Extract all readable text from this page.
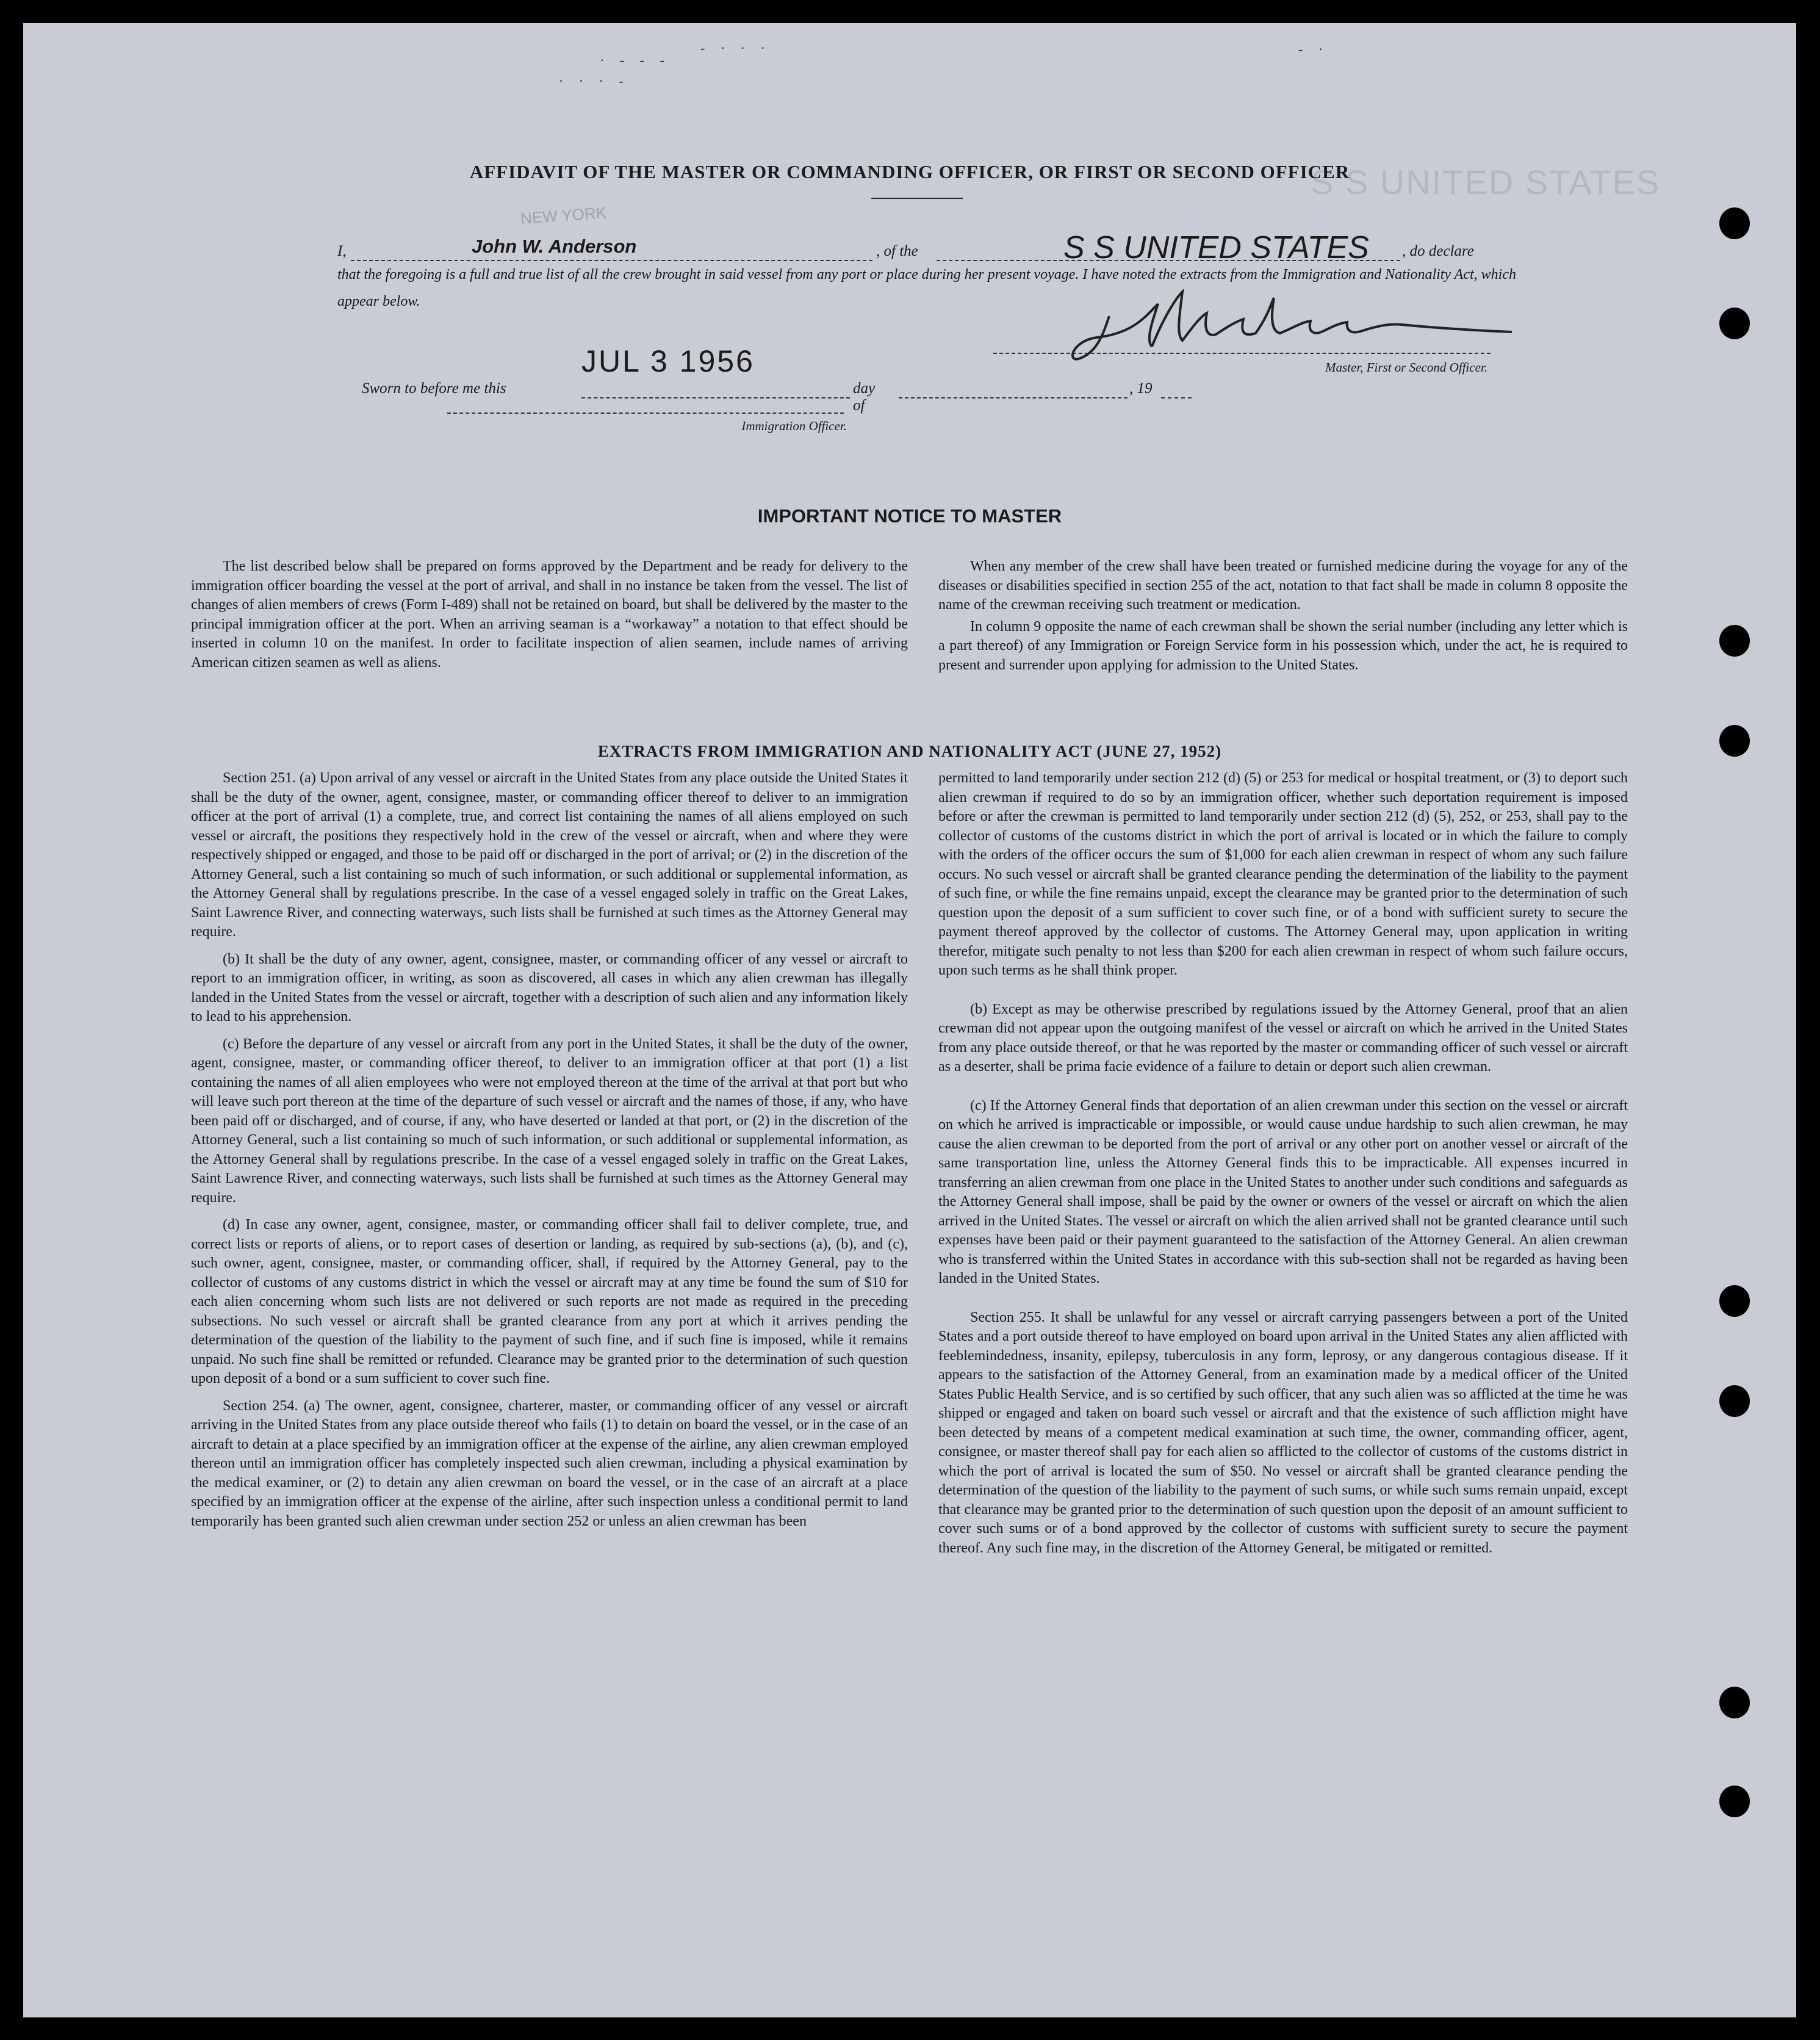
· - - -
- · · ·
· · · -
- ·
S S UNITED STATES
NEW YORK
AFFIDAVIT OF THE MASTER OR COMMANDING OFFICER, OR FIRST OR SECOND OFFICER
I,	John W. Anderson	, of the	S S UNITED STATES , do declare
that the foregoing is a full and true list of all the crew brought in said vessel from any port or place during her present voyage. I have noted the extracts from the Immigration and Nationality Act, which appear below.
Master, First or Second Officer.
JUL 3 1956
Sworn to before me this	day of
, 19
Immigration Officer.
IMPORTANT NOTICE TO MASTER

The list described below shall be prepared on forms approved by the Department and be ready for delivery to the immigration officer boarding the vessel at the port of arrival, and shall in no instance be taken from the vessel. The list of changes of alien members of crews (Form I-489) shall not be retained on board, but shall be delivered by the master to the principal immigration officer at the port. When an arriving seaman is a “workaway” a notation to that effect should be inserted in column 10 on the manifest. In order to facilitate inspection of alien seamen, include names of arriving American citizen seamen as well as aliens.

When any member of the crew shall have been treated or furnished medicine during the voyage for any of the diseases or disabilities specified in section 255 of the act, notation to that fact shall be made in column 8 opposite the name of the crewman receiving such treatment or medication.

In column 9 opposite the name of each crewman shall be shown the serial number (including any letter which is a part thereof) of any Immigration or Foreign Service form in his possession which, under the act, he is required to present and surrender upon applying for admission to the United States.

EXTRACTS FROM IMMIGRATION AND NATIONALITY ACT (JUNE 27, 1952)

Section 251. (a) Upon arrival of any vessel or aircraft in the United States from any place outside the United States it shall be the duty of the owner, agent, consignee, master, or commanding officer thereof to deliver to an immigration officer at the port of arrival (1) a complete, true, and correct list containing the names of all aliens employed on such vessel or aircraft, the positions they respectively hold in the crew of the vessel or aircraft, when and where they were respectively shipped or engaged, and those to be paid off or discharged in the port of arrival; or (2) in the discretion of the Attorney General, such a list containing so much of such information, or such additional or supplemental information, as the Attorney General shall by regulations prescribe. In the case of a vessel engaged solely in traffic on the Great Lakes, Saint Lawrence River, and connecting waterways, such lists shall be furnished at such times as the Attorney General may require.

(b) It shall be the duty of any owner, agent, consignee, master, or commanding officer of any vessel or aircraft to report to an immigration officer, in writing, as soon as discovered, all cases in which any alien crewman has illegally landed in the United States from the vessel or aircraft, together with a description of such alien and any information likely to lead to his apprehension.

(c) Before the departure of any vessel or aircraft from any port in the United States, it shall be the duty of the owner, agent, consignee, master, or commanding officer thereof, to deliver to an immigration officer at that port (1) a list containing the names of all alien employees who were not employed thereon at the time of the arrival at that port but who will leave such port thereon at the time of the departure of such vessel or aircraft and the names of those, if any, who have been paid off or discharged, and of course, if any, who have deserted or landed at that port, or (2) in the discretion of the Attorney General, such a list containing so much of such information, or such additional or supplemental information, as the Attorney General shall by regulations prescribe. In the case of a vessel engaged solely in traffic on the Great Lakes, Saint Lawrence River, and connecting waterways, such lists shall be furnished at such times as the Attorney General may require.

(d) In case any owner, agent, consignee, master, or commanding officer shall fail to deliver complete, true, and correct lists or reports of aliens, or to report cases of desertion or landing, as required by sub-sections (a), (b), and (c), such owner, agent, consignee, master, or commanding officer, shall, if required by the Attorney General, pay to the collector of customs of any customs district in which the vessel or aircraft may at any time be found the sum of $10 for each alien concerning whom such lists are not delivered or such reports are not made as required in the preceding subsections. No such vessel or aircraft shall be granted clearance from any port at which it arrives pending the determination of the question of the liability to the payment of such fine, and if such fine is imposed, while it remains unpaid. No such fine shall be remitted or refunded. Clearance may be granted prior to the determination of such question upon deposit of a bond or a sum sufficient to cover such fine.

Section 254. (a) The owner, agent, consignee, charterer, master, or commanding officer of any vessel or aircraft arriving in the United States from any place outside thereof who fails (1) to detain on board the vessel, or in the case of an aircraft to detain at a place specified by an immigration officer at the expense of the airline, any alien crewman employed thereon until an immigration officer has completely inspected such alien crewman, including a physical examination by the medical examiner, or (2) to detain any alien crewman on board the vessel, or in the case of an aircraft at a place specified by an immigration officer at the expense of the airline, after such inspection unless a conditional permit to land temporarily has been granted such alien crewman under section 252 or unless an alien crewman has been

permitted to land temporarily under section 212 (d) (5) or 253 for medical or hospital treatment, or (3) to deport such alien crewman if required to do so by an immigration officer, whether such deportation requirement is imposed before or after the crewman is permitted to land temporarily under section 212 (d) (5), 252, or 253, shall pay to the collector of customs of the customs district in which the port of arrival is located or in which the failure to comply with the orders of the officer occurs the sum of $1,000 for each alien crewman in respect of whom any such failure occurs. No such vessel or aircraft shall be granted clearance pending the determination of the liability to the payment of such fine, or while the fine remains unpaid, except the clearance may be granted prior to the determination of such question upon the deposit of a sum sufficient to cover such fine, or of a bond with sufficient surety to secure the payment thereof approved by the collector of customs. The Attorney General may, upon application in writing therefor, mitigate such penalty to not less than $200 for each alien crewman in respect of whom such failure occurs, upon such terms as he shall think proper.

(b) Except as may be otherwise prescribed by regulations issued by the Attorney General, proof that an alien crewman did not appear upon the outgoing manifest of the vessel or aircraft on which he arrived in the United States from any place outside thereof, or that he was reported by the master or commanding officer of such vessel or aircraft as a deserter, shall be prima facie evidence of a failure to detain or deport such alien crewman.

(c) If the Attorney General finds that deportation of an alien crewman under this section on the vessel or aircraft on which he arrived is impracticable or impossible, or would cause undue hardship to such alien crewman, he may cause the alien crewman to be deported from the port of arrival or any other port on another vessel or aircraft of the same transportation line, unless the Attorney General finds this to be impracticable. All expenses incurred in transferring an alien crewman from one place in the United States to another under such conditions and safeguards as the Attorney General shall impose, shall be paid by the owner or owners of the vessel or aircraft on which the alien arrived in the United States. The vessel or aircraft on which the alien arrived shall not be granted clearance until such expenses have been paid or their payment guaranteed to the satisfaction of the Attorney General. An alien crewman who is transferred within the United States in accordance with this sub-section shall not be regarded as having been landed in the United States.

Section 255. It shall be unlawful for any vessel or aircraft carrying passengers between a port of the United States and a port outside thereof to have employed on board upon arrival in the United States any alien afflicted with feeblemindedness, insanity, epilepsy, tuberculosis in any form, leprosy, or any dangerous contagious disease. If it appears to the satisfaction of the Attorney General, from an examination made by a medical officer of the United States Public Health Service, and is so certified by such officer, that any such alien was so afflicted at the time he was shipped or engaged and taken on board such vessel or aircraft and that the existence of such affliction might have been detected by means of a competent medical examination at such time, the owner, commanding officer, agent, consignee, or master thereof shall pay for each alien so afflicted to the collector of customs of the customs district in which the port of arrival is located the sum of $50. No vessel or aircraft shall be granted clearance pending the determination of the question of the liability to the payment of such sums, or while such sums remain unpaid, except that clearance may be granted prior to the determination of such question upon the deposit of an amount sufficient to cover such sums or of a bond approved by the collector of customs with sufficient surety to secure the payment thereof. Any such fine may, in the discretion of the Attorney General, be mitigated or remitted.
